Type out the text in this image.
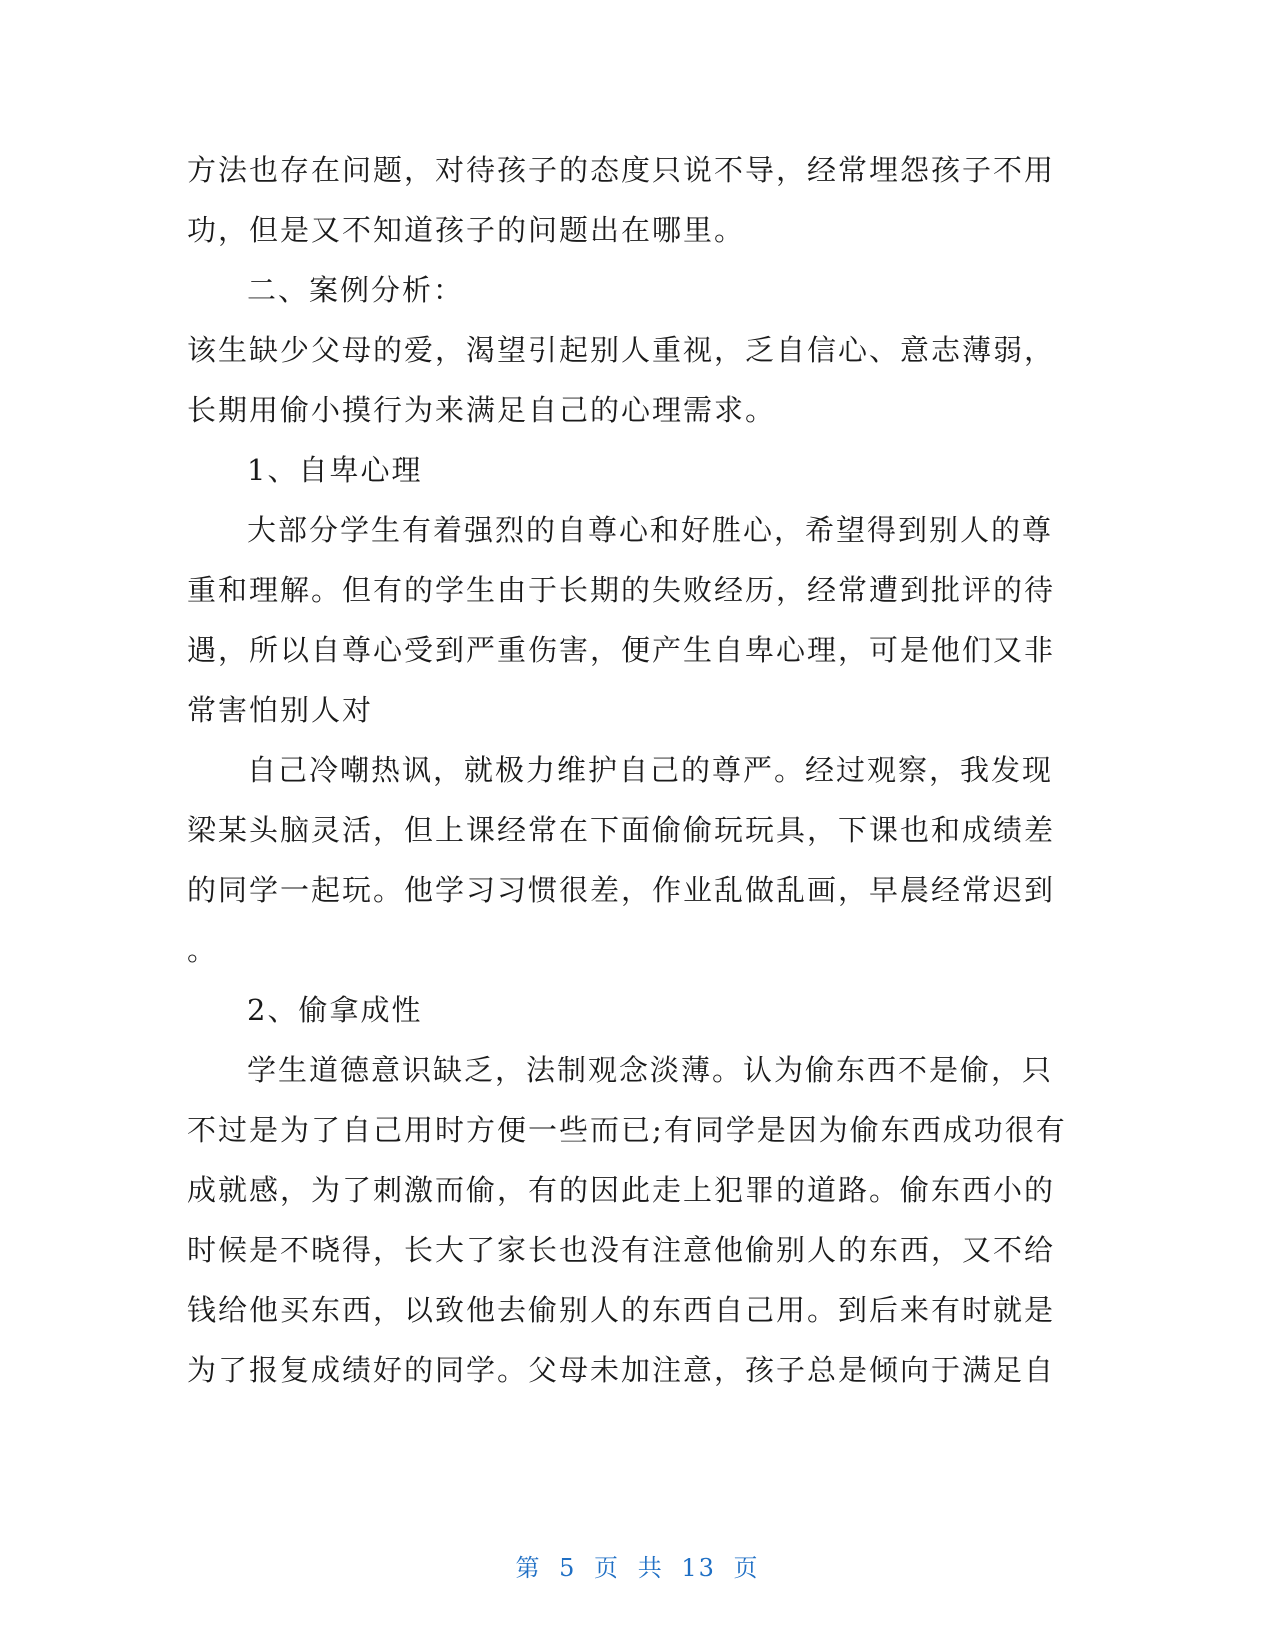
方法也存在问题，对待孩子的态度只说不导，经常埋怨孩子不用
功，但是又不知道孩子的问题出在哪里。
二、案例分析：
该生缺少父母的爱，渴望引起别人重视，乏自信心、意志薄弱，
长期用偷小摸行为来满足自己的心理需求。
1、自卑心理
大部分学生有着强烈的自尊心和好胜心，希望得到别人的尊
重和理解。但有的学生由于长期的失败经历，经常遭到批评的待
遇，所以自尊心受到严重伤害，便产生自卑心理，可是他们又非
常害怕别人对
自己冷嘲热讽，就极力维护自己的尊严。经过观察，我发现
梁某头脑灵活，但上课经常在下面偷偷玩玩具，下课也和成绩差
的同学一起玩。他学习习惯很差，作业乱做乱画，早晨经常迟到
。
2、偷拿成性
学生道德意识缺乏，法制观念淡薄。认为偷东西不是偷，只
不过是为了自己用时方便一些而已;有同学是因为偷东西成功很有
成就感，为了刺激而偷，有的因此走上犯罪的道路。偷东西小的
时候是不晓得，长大了家长也没有注意他偷别人的东西，又不给
钱给他买东西，以致他去偷别人的东西自己用。到后来有时就是
为了报复成绩好的同学。父母未加注意，孩子总是倾向于满足自
第 5 页 共 13 页
